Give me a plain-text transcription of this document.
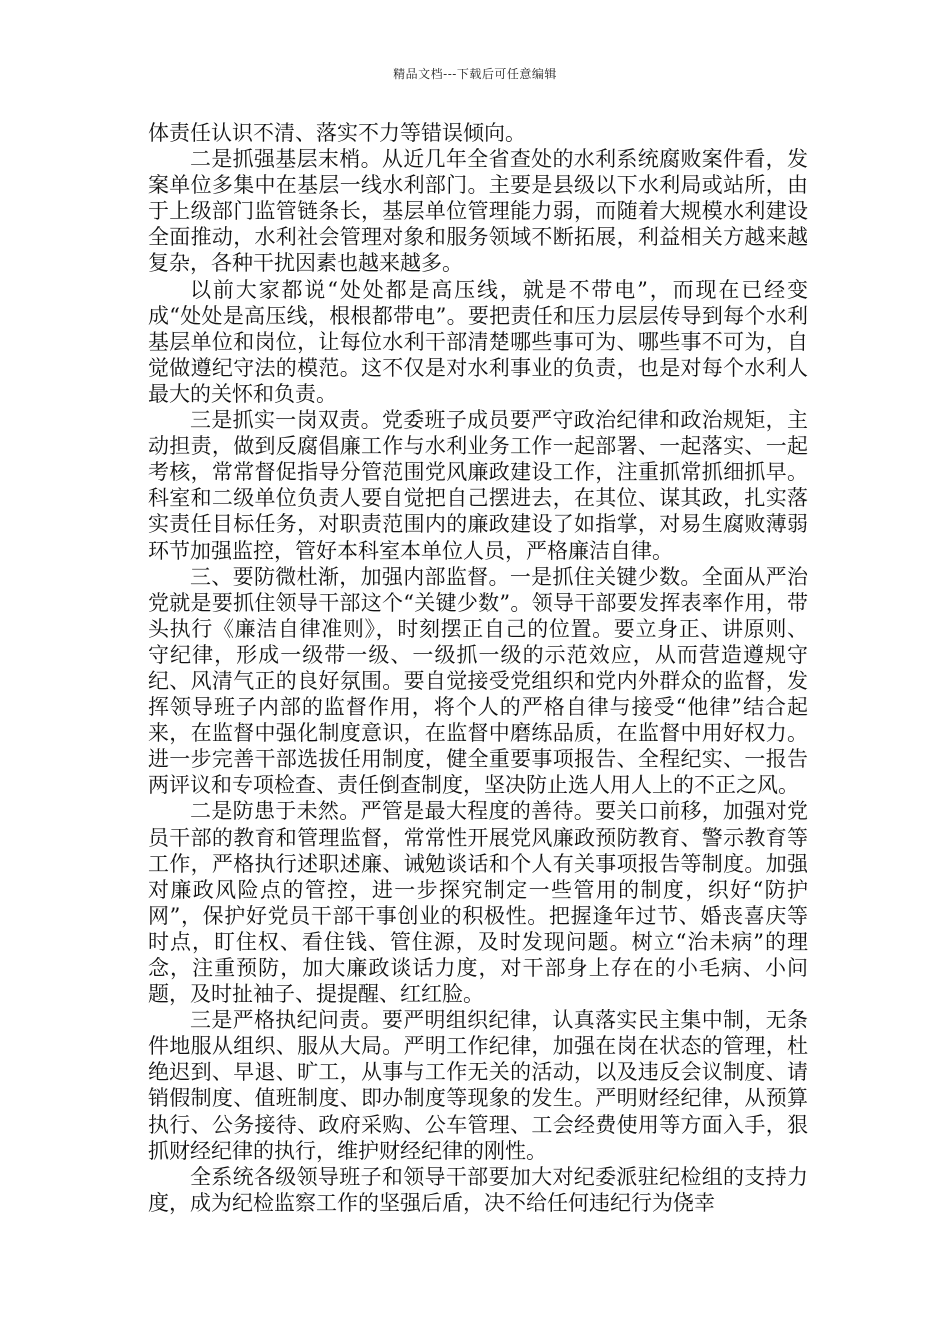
精品文档---下载后可任意编辑

体责任认识不清、落实不力等错误倾向。

二是抓强基层末梢。从近几年全省查处的水利系统腐败案件看，发案单位多集中在基层一线水利部门。主要是县级以下水利局或站所，由于上级部门监管链条长，基层单位管理能力弱，而随着大规模水利建设全面推动，水利社会管理对象和服务领域不断拓展，利益相关方越来越复杂，各种干扰因素也越来越多。

以前大家都说“处处都是高压线，就是不带电”，而现在已经变成“处处是高压线，根根都带电”。要把责任和压力层层传导到每个水利基层单位和岗位，让每位水利干部清楚哪些事可为、哪些事不可为，自觉做遵纪守法的模范。这不仅是对水利事业的负责，也是对每个水利人最大的关怀和负责。

三是抓实一岗双责。党委班子成员要严守政治纪律和政治规矩，主动担责，做到反腐倡廉工作与水利业务工作一起部署、一起落实、一起考核，常常督促指导分管范围党风廉政建设工作，注重抓常抓细抓早。科室和二级单位负责人要自觉把自己摆进去，在其位、谋其政，扎实落实责任目标任务，对职责范围内的廉政建设了如指掌，对易生腐败薄弱环节加强监控，管好本科室本单位人员，严格廉洁自律。

三、要防微杜渐，加强内部监督。一是抓住关键少数。全面从严治党就是要抓住领导干部这个“关键少数”。领导干部要发挥表率作用，带头执行《廉洁自律准则》，时刻摆正自己的位置。要立身正、讲原则、守纪律，形成一级带一级、一级抓一级的示范效应，从而营造遵规守纪、风清气正的良好氛围。要自觉接受党组织和党内外群众的监督，发挥领导班子内部的监督作用，将个人的严格自律与接受“他律”结合起来，在监督中强化制度意识，在监督中磨练品质，在监督中用好权力。进一步完善干部选拔任用制度，健全重要事项报告、全程纪实、一报告两评议和专项检查、责任倒查制度，坚决防止选人用人上的不正之风。

二是防患于未然。严管是最大程度的善待。要关口前移，加强对党员干部的教育和管理监督，常常性开展党风廉政预防教育、警示教育等工作，严格执行述职述廉、诫勉谈话和个人有关事项报告等制度。加强对廉政风险点的管控，进一步探究制定一些管用的制度，织好“防护网”，保护好党员干部干事创业的积极性。把握逢年过节、婚丧喜庆等时点，盯住权、看住钱、管住源，及时发现问题。树立“治未病”的理念，注重预防，加大廉政谈话力度，对干部身上存在的小毛病、小问题，及时扯袖子、提提醒、红红脸。

三是严格执纪问责。要严明组织纪律，认真落实民主集中制，无条件地服从组织、服从大局。严明工作纪律，加强在岗在状态的管理，杜绝迟到、早退、旷工，从事与工作无关的活动，以及违反会议制度、请销假制度、值班制度、即办制度等现象的发生。严明财经纪律，从预算执行、公务接待、政府采购、公车管理、工会经费使用等方面入手，狠抓财经纪律的执行，维护财经纪律的刚性。

全系统各级领导班子和领导干部要加大对纪委派驻纪检组的支持力度，成为纪检监察工作的坚强后盾，决不给任何违纪行为侥幸
